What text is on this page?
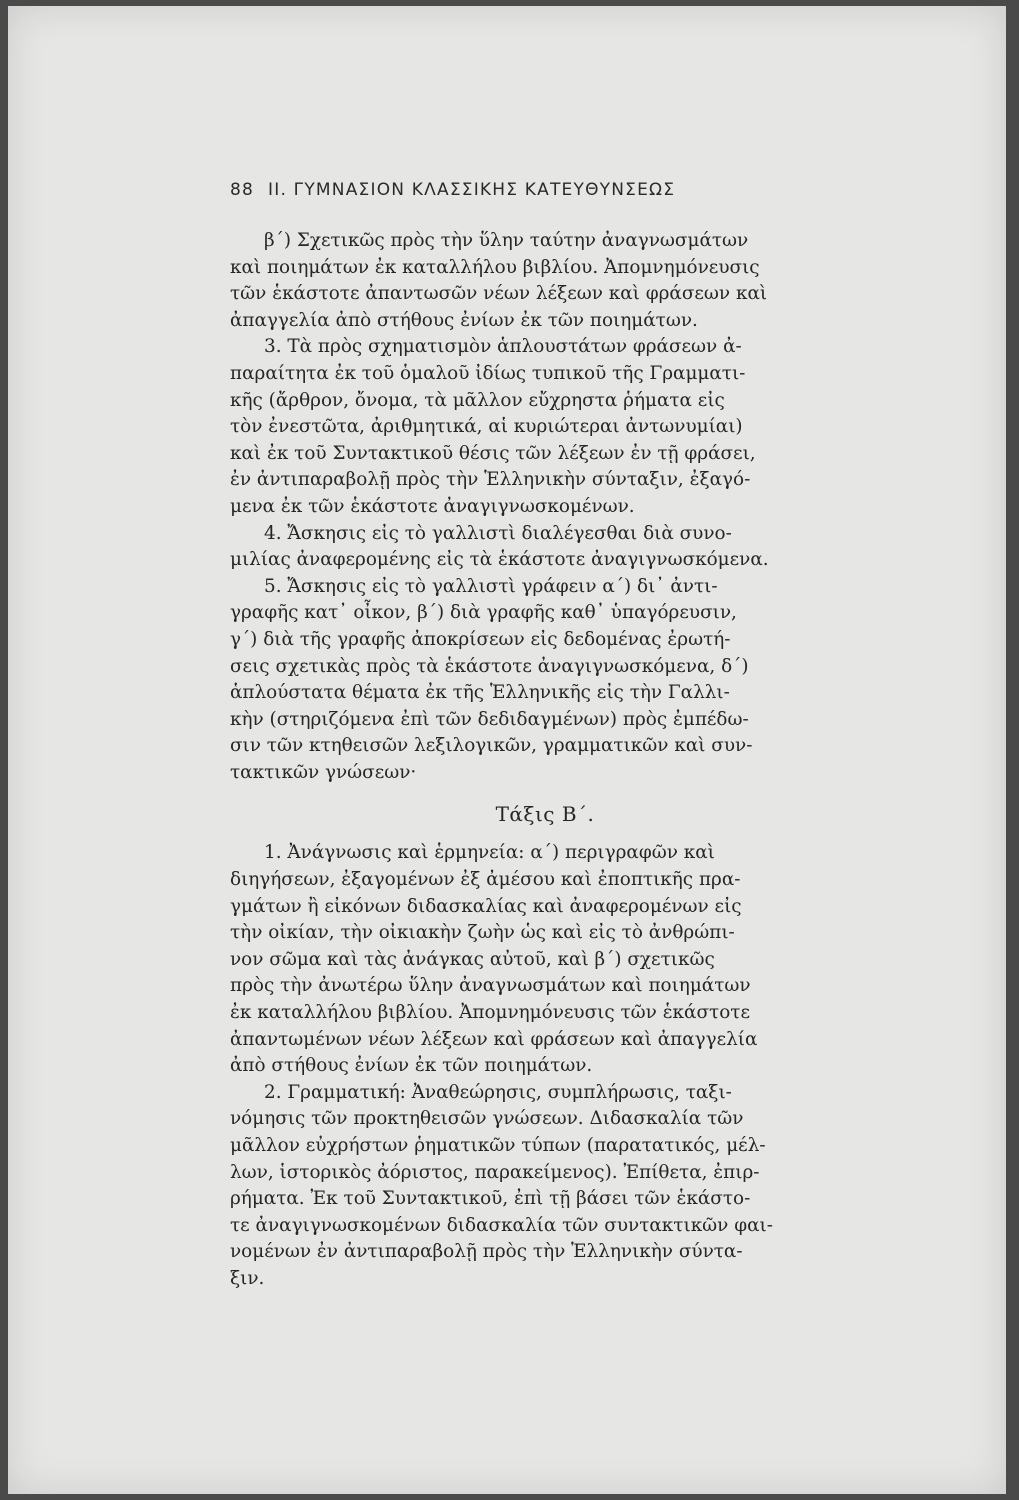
88 II. ΓΥΜΝΑΣΙΟΝ ΚΛΑΣΣΙΚΗΣ ΚΑΤΕΥΘΥΝΣΕΩΣ

β΄) Σχετικῶς πρὸς τὴν ὕλην ταύτην ἀναγνωσμάτων
καὶ ποιημάτων ἐκ καταλλήλου βιβλίου. Ἀπομνημόνευσις
τῶν ἑκάστοτε ἀπαντωσῶν νέων λέξεων καὶ φράσεων καὶ
ἀπαγγελία ἀπὸ στήθους ἐνίων ἐκ τῶν ποιημάτων.

3. Τὰ πρὸς σχηματισμὸν ἁπλουστάτων φράσεων ἀ-
παραίτητα ἐκ τοῦ ὁμαλοῦ ἰδίως τυπικοῦ τῆς Γραμματι-
κῆς (ἄρθρον, ὄνομα, τὰ μᾶλλον εὔχρηστα ῥήματα εἰς
τὸν ἐνεστῶτα, ἀριθμητικά, αἱ κυριώτεραι ἀντωνυμίαι)
καὶ ἐκ τοῦ Συντακτικοῦ θέσις τῶν λέξεων ἐν τῇ φράσει,
ἐν ἀντιπαραβολῇ πρὸς τὴν Ἑλληνικὴν σύνταξιν, ἐξαγό-
μενα ἐκ τῶν ἑκάστοτε ἀναγιγνωσκομένων.

4. Ἄσκησις εἰς τὸ γαλλιστὶ διαλέγεσθαι διὰ συνο-
μιλίας ἀναφερομένης εἰς τὰ ἑκάστοτε ἀναγιγνωσκόμενα.

5. Ἄσκησις εἰς τὸ γαλλιστὶ γράφειν α΄) δι᾽ ἀντι-
γραφῆς κατ᾽ οἶκον, β΄) διὰ γραφῆς καθ᾽ ὑπαγόρευσιν,
γ΄) διὰ τῆς γραφῆς ἀποκρίσεων εἰς δεδομένας ἐρωτή-
σεις σχετικὰς πρὸς τὰ ἑκάστοτε ἀναγιγνωσκόμενα, δ΄)
ἁπλούστατα θέματα ἐκ τῆς Ἑλληνικῆς εἰς τὴν Γαλλι-
κὴν (στηριζόμενα ἐπὶ τῶν δεδιδαγμένων) πρὸς ἐμπέδω-
σιν τῶν κτηθεισῶν λεξιλογικῶν, γραμματικῶν καὶ συν-
τακτικῶν γνώσεων·

Τάξις Β΄.

1. Ἀνάγνωσις καὶ ἑρμηνεία: α΄) περιγραφῶν καὶ
διηγήσεων, ἐξαγομένων ἐξ ἀμέσου καὶ ἐποπτικῆς πρα-
γμάτων ἢ εἰκόνων διδασκαλίας καὶ ἀναφερομένων εἰς
τὴν οἰκίαν, τὴν οἰκιακὴν ζωὴν ὡς καὶ εἰς τὸ ἀνθρώπι-
νον σῶμα καὶ τὰς ἀνάγκας αὐτοῦ, καὶ β΄) σχετικῶς
πρὸς τὴν ἀνωτέρω ὕλην ἀναγνωσμάτων καὶ ποιημάτων
ἐκ καταλλήλου βιβλίου. Ἀπομνημόνευσις τῶν ἑκάστοτε
ἀπαντωμένων νέων λέξεων καὶ φράσεων καὶ ἀπαγγελία
ἀπὸ στήθους ἐνίων ἐκ τῶν ποιημάτων.

2. Γραμματική: Ἀναθεώρησις, συμπλήρωσις, ταξι-
νόμησις τῶν προκτηθεισῶν γνώσεων. Διδασκαλία τῶν
μᾶλλον εὐχρήστων ῥηματικῶν τύπων (παρατατικός, μέλ-
λων, ἱστορικὸς ἀόριστος, παρακείμενος). Ἐπίθετα, ἐπιρ-
ρήματα. Ἐκ τοῦ Συντακτικοῦ, ἐπὶ τῇ βάσει τῶν ἑκάστο-
τε ἀναγιγνωσκομένων διδασκαλία τῶν συντακτικῶν φαι-
νομένων ἐν ἀντιπαραβολῇ πρὸς τὴν Ἑλληνικὴν σύντα-
ξιν.
